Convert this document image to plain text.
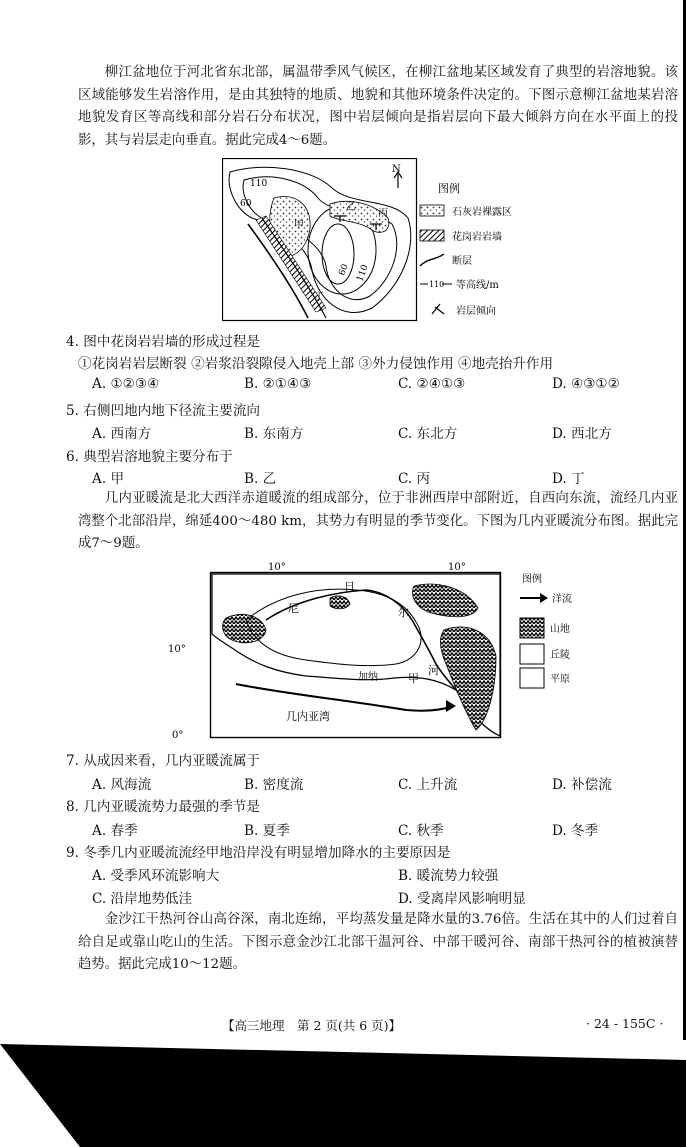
柳江盆地位于河北省东北部，属温带季风气候区，在柳江盆地某区域发育了典型的岩溶地貌。该区域能够发生岩溶作用，是由其独特的地质、地貌和其他环境条件决定的。下图示意柳江盆地某岩溶地貌发育区等高线和部分岩石分布状况，图中岩层倾向是指岩层向下最大倾斜方向在水平面上的投影，其与岩层走向垂直。据此完成4～6题。

110
60
60 110
甲
乙
丙
丁
N
图例
石灰岩裸露区
花岗岩岩墙
断层
110 等高线/m
岩层倾向

4. 图中花岗岩岩墙的形成过程是

①花岗岩岩层断裂 ②岩浆沿裂隙侵入地壳上部 ③外力侵蚀作用 ④地壳抬升作用

A. ①②③④	B. ②①④③	C. ②④①③	D. ④③①②

5. 右侧凹地内地下径流主要流向

A. 西南方	B. 东南方	C. 东北方	D. 西北方

6. 典型岩溶地貌主要分布于

A. 甲	B. 乙	C. 丙	D. 丁

几内亚暖流是北大西洋赤道暖流的组成部分，位于非洲西岸中部附近，自西向东流，流经几内亚湾整个北部沿岸，绵延400～480 km，其势力有明显的季节变化。下图为几内亚暖流分布图。据此完成7～9题。

10°	10°
10°
0°
尼
日
尔
河
加纳	甲
几内亚湾
图例
洋流
山地
丘陵
平原

7. 从成因来看，几内亚暖流属于

A. 风海流	B. 密度流	C. 上升流	D. 补偿流

8. 几内亚暖流势力最强的季节是

A. 春季	B. 夏季	C. 秋季	D. 冬季

9. 冬季几内亚暖流流经甲地沿岸没有明显增加降水的主要原因是

A. 受季风环流影响大	B. 暖流势力较强
C. 沿岸地势低洼	D. 受离岸风影响明显

金沙江干热河谷山高谷深，南北连绵，平均蒸发量是降水量的3.76倍。生活在其中的人们过着自给自足或靠山吃山的生活。下图示意金沙江北部干温河谷、中部干暖河谷、南部干热河谷的植被演替趋势。据此完成10～12题。

【高三地理　第 2 页(共 6 页)】	· 24 - 155C ·
